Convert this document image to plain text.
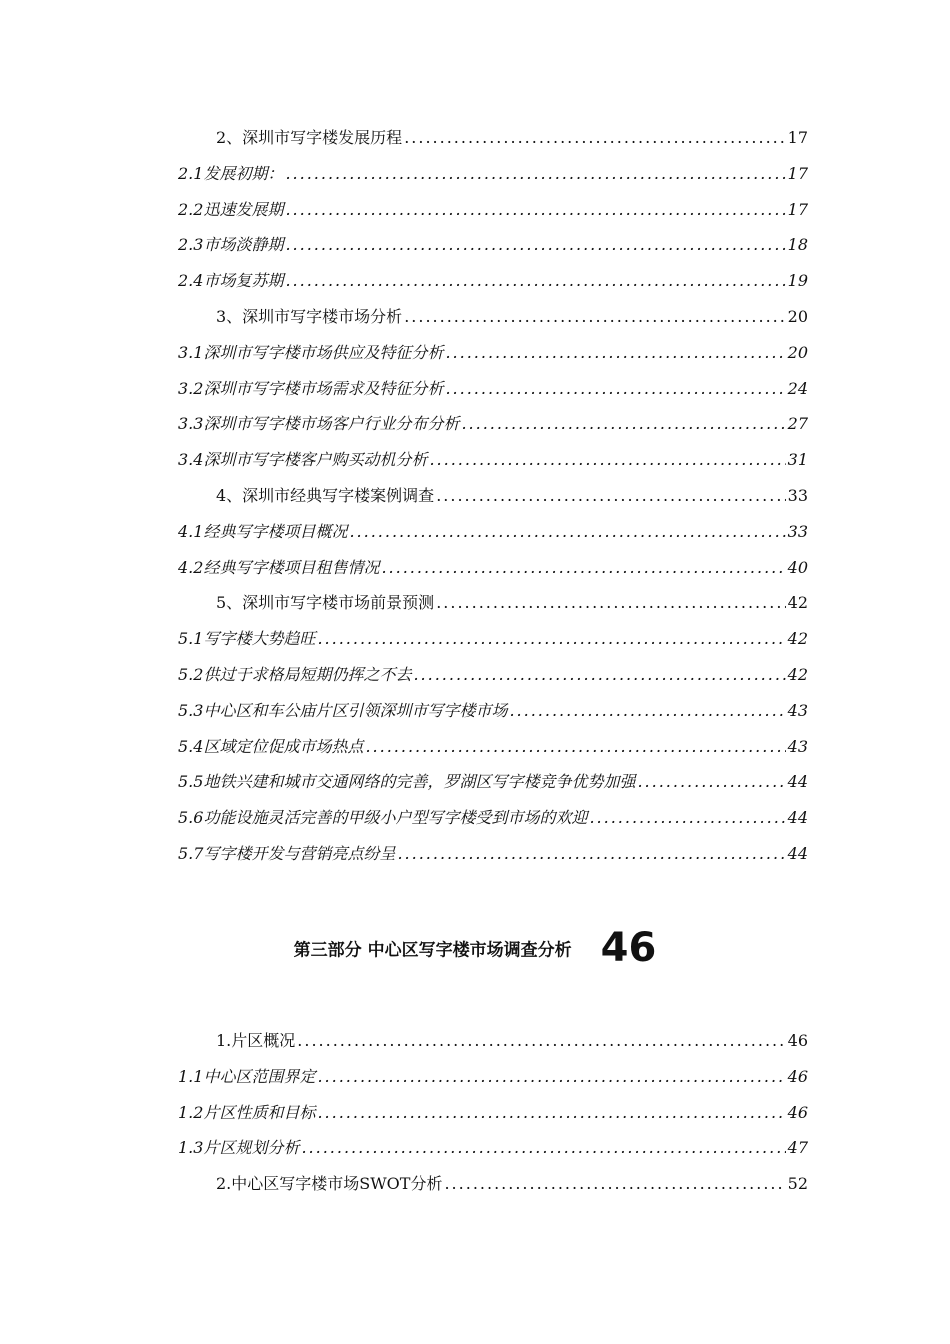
2、深圳市写字楼发展历程 .....	17
2.1发展初期： .....	17
2.2迅速发展期 .....	17
2.3市场淡静期 .....	18
2.4市场复苏期 .....	19
3、深圳市写字楼市场分析 .....	20
3.1深圳市写字楼市场供应及特征分析 .....	20
3.2深圳市写字楼市场需求及特征分析 .....	24
3.3深圳市写字楼市场客户行业分布分析 .....	27
3.4深圳市写字楼客户购买动机分析 .....	31
4、深圳市经典写字楼案例调查 .....	33
4.1经典写字楼项目概况 .....	33
4.2经典写字楼项目租售情况 .....	40
5、深圳市写字楼市场前景预测 .....	42
5.1写字楼大势趋旺 .....	42
5.2供过于求格局短期仍挥之不去 .....	42
5.3中心区和车公庙片区引领深圳市写字楼市场 .....	43
5.4区域定位促成市场热点 .....	43
5.5地铁兴建和城市交通网络的完善，罗湖区写字楼竞争优势加强 .....	44
5.6功能设施灵活完善的甲级小户型写字楼受到市场的欢迎 .....	44
5.7写字楼开发与营销亮点纷呈 .....	44
第三部分 中心区写字楼市场调查分析 46
1.片区概况 .....	46
1.1中心区范围界定 .....	46
1.2片区性质和目标 .....	46
1.3片区规划分析 .....	47
2.中心区写字楼市场SWOT分析 .....	52
